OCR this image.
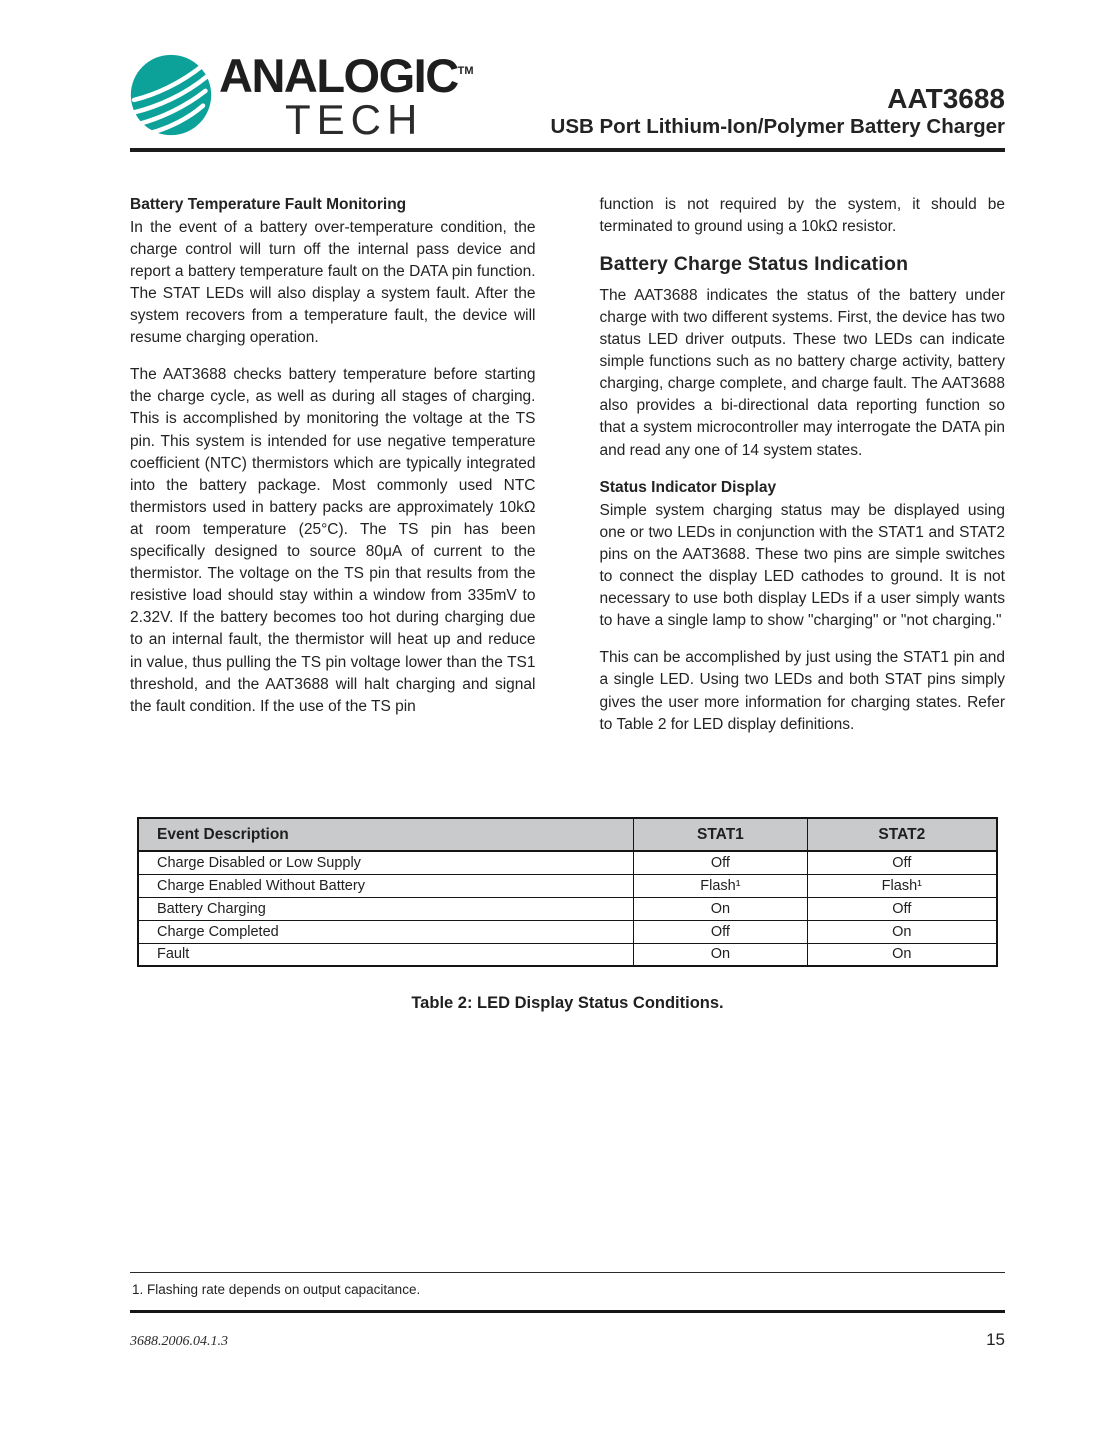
ANALOGIC™
TECH	AAT3688
USB Port Lithium-Ion/Polymer Battery Charger
Battery Temperature Fault Monitoring

In the event of a battery over-temperature condition, the charge control will turn off the internal pass device and report a battery temperature fault on the DATA pin function. The STAT LEDs will also display a system fault. After the system recovers from a temperature fault, the device will resume charging operation.

The AAT3688 checks battery temperature before starting the charge cycle, as well as during all stages of charging. This is accomplished by monitoring the voltage at the TS pin. This system is intended for use negative temperature coefficient (NTC) thermistors which are typically integrated into the battery package. Most commonly used NTC thermistors used in battery packs are approximately 10kΩ at room temperature (25°C). The TS pin has been specifically designed to source 80μA of current to the thermistor. The voltage on the TS pin that results from the resistive load should stay within a window from 335mV to 2.32V. If the battery becomes too hot during charging due to an internal fault, the thermistor will heat up and reduce in value, thus pulling the TS pin voltage lower than the TS1 threshold, and the AAT3688 will halt charging and signal the fault condition. If the use of the TS pin

function is not required by the system, it should be terminated to ground using a 10kΩ resistor.

Battery Charge Status Indication

The AAT3688 indicates the status of the battery under charge with two different systems. First, the device has two status LED driver outputs. These two LEDs can indicate simple functions such as no battery charge activity, battery charging, charge complete, and charge fault. The AAT3688 also provides a bi-directional data reporting function so that a system microcontroller may interrogate the DATA pin and read any one of 14 system states.

Status Indicator Display

Simple system charging status may be displayed using one or two LEDs in conjunction with the STAT1 and STAT2 pins on the AAT3688. These two pins are simple switches to connect the display LED cathodes to ground. It is not necessary to use both display LEDs if a user simply wants to have a single lamp to show "charging" or "not charging."

This can be accomplished by just using the STAT1 pin and a single LED. Using two LEDs and both STAT pins simply gives the user more information for charging states. Refer to Table 2 for LED display definitions.

Event Description	STAT1	STAT2
Charge Disabled or Low Supply	Off	Off
Charge Enabled Without Battery	Flash¹	Flash¹
Battery Charging	On	Off
Charge Completed	Off	On
Fault	On	On
Table 2: LED Display Status Conditions.
1. Flashing rate depends on output capacitance.
3688.2006.04.1.3	15
